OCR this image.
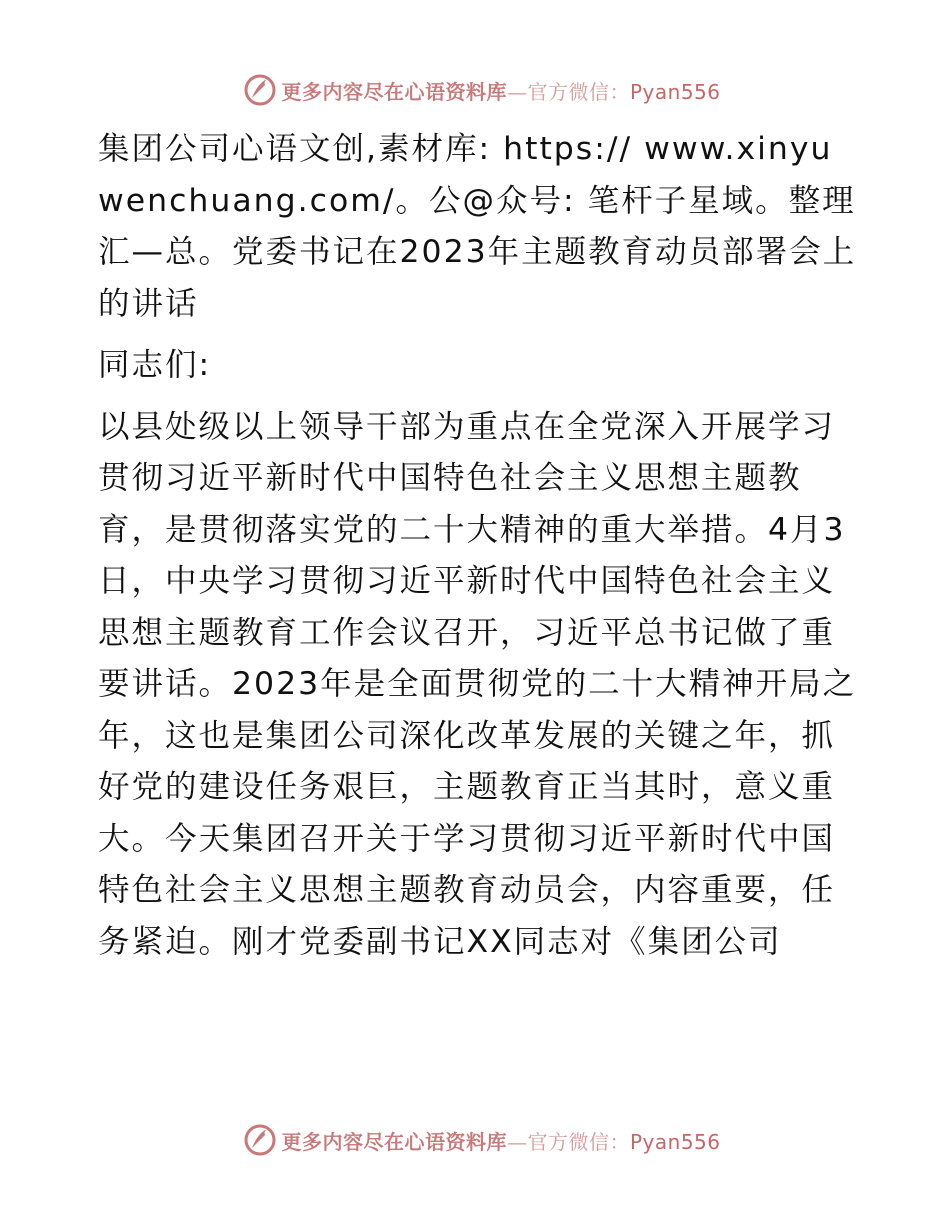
更多内容尽在心语资料库—官方微信：Pyan556

集团公司心语文创,素材库: https:// www.xinyuwenchuang.com/。公@众号: 笔杆子星域。整理汇—总。党委书记在2023年主题教育动员部署会上的讲话

同志们:

以县处级以上领导干部为重点在全党深入开展学习贯彻习近平新时代中国特色社会主义思想主题教育，是贯彻落实党的二十大精神的重大举措。4月3日，中央学习贯彻习近平新时代中国特色社会主义思想主题教育工作会议召开，习近平总书记做了重要讲话。2023年是全面贯彻党的二十大精神开局之年，这也是集团公司深化改革发展的关键之年，抓好党的建设任务艰巨，主题教育正当其时，意义重大。今天集团召开关于学习贯彻习近平新时代中国特色社会主义思想主题教育动员会，内容重要，任务紧迫。刚才党委副书记XX同志对《集团公司

更多内容尽在心语资料库—官方微信：Pyan556
